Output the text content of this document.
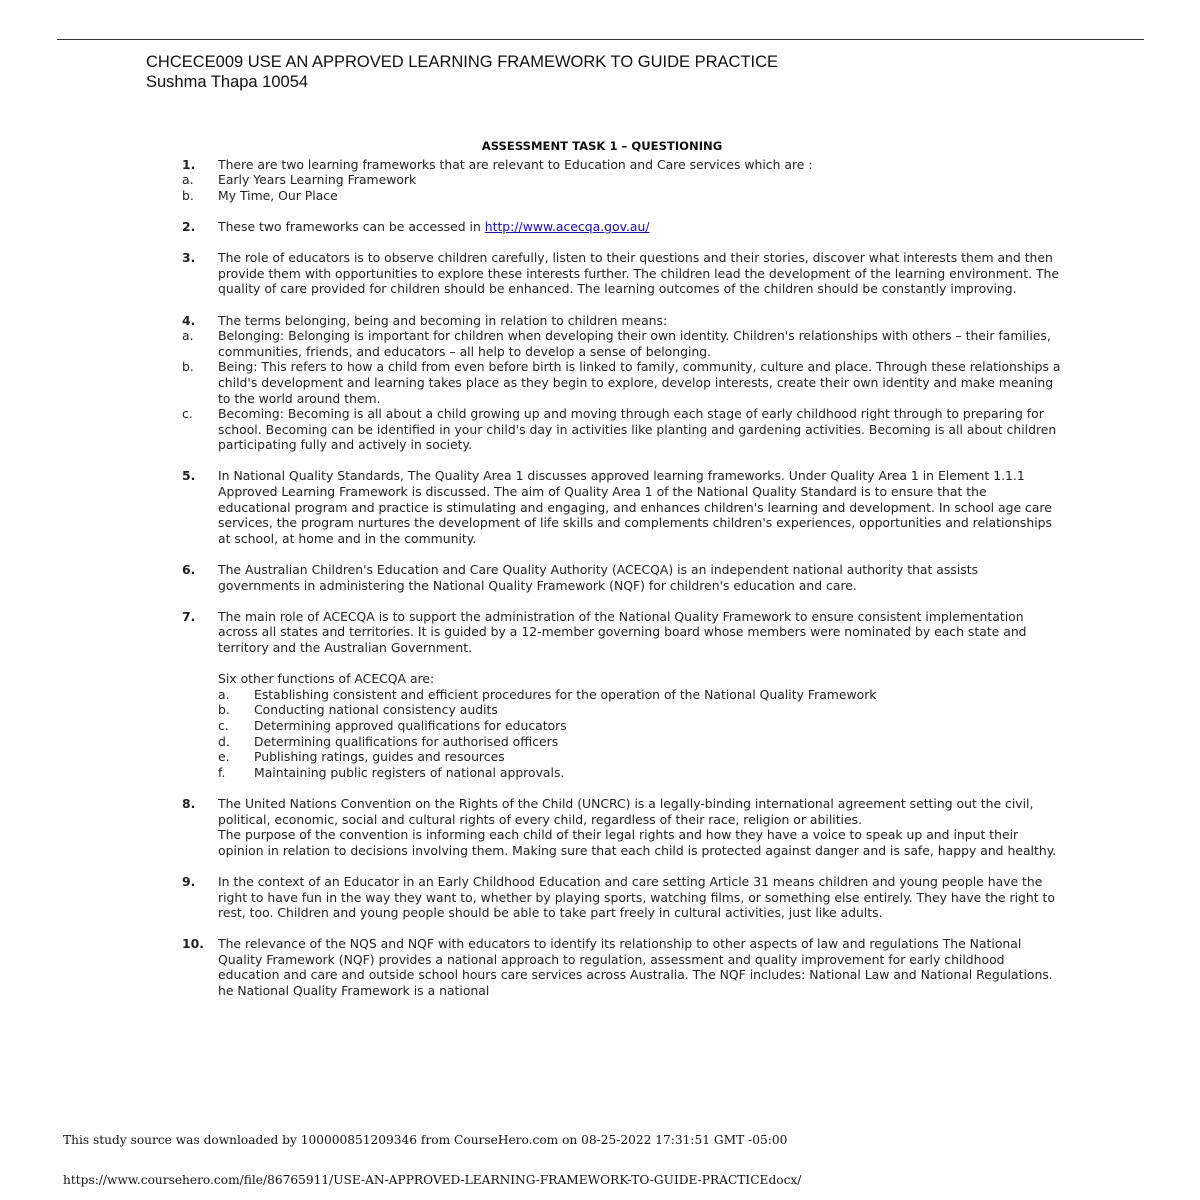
CHCECE009 USE AN APPROVED LEARNING FRAMEWORK TO GUIDE PRACTICE
Sushma Thapa 10054
ASSESSMENT TASK 1 – QUESTIONING
1.	There are two learning frameworks that are relevant to Education and Care services which are :

a. Early Years Learning Framework
b. My Time, Our Place
2.	These two frameworks can be accessed in http://www.acecqa.gov.au/

3.	The role of educators is to observe children carefully, listen to their questions and their stories, discover what interests them and then provide them with opportunities to explore these interests further. The children lead the development of the learning environment. The quality of care provided for children should be enhanced. The learning outcomes of the children should be constantly improving.

4.	The terms belonging, being and becoming in relation to children means:

a. Belonging: Belonging is important for children when developing their own identity. Children's relationships with others – their families, communities, friends, and educators – all help to develop a sense of belonging.
b. Being: This refers to how a child from even before birth is linked to family, community, culture and place. Through these relationships a child's development and learning takes place as they begin to explore, develop interests, create their own identity and make meaning to the world around them.
c. Becoming: Becoming is all about a child growing up and moving through each stage of early childhood right through to preparing for school. Becoming can be identified in your child's day in activities like planting and gardening activities. Becoming is all about children participating fully and actively in society.
5.	In National Quality Standards, The Quality Area 1 discusses approved learning frameworks. Under Quality Area 1 in Element 1.1.1 Approved Learning Framework is discussed. The aim of Quality Area 1 of the National Quality Standard is to ensure that the educational program and practice is stimulating and engaging, and enhances children's learning and development. In school age care services, the program nurtures the development of life skills and complements children's experiences, opportunities and relationships at school, at home and in the community.

6.	The Australian Children's Education and Care Quality Authority (ACECQA) is an independent national authority that assists governments in administering the National Quality Framework (NQF) for children's education and care.

7.	The main role of ACECQA is to support the administration of the National Quality Framework to ensure consistent implementation across all states and territories. It is guided by a 12-member governing board whose members were nominated by each state and territory and the Australian Government.

Six other functions of ACECQA are:

a. Establishing consistent and efficient procedures for the operation of the National Quality Framework
b. Conducting national consistency audits
c. Determining approved qualifications for educators
d. Determining qualifications for authorised officers
e. Publishing ratings, guides and resources
f. Maintaining public registers of national approvals.
8.	The United Nations Convention on the Rights of the Child (UNCRC) is a legally-binding international agreement setting out the civil, political, economic, social and cultural rights of every child, regardless of their race, religion or abilities.

The purpose of the convention is informing each child of their legal rights and how they have a voice to speak up and input their opinion in relation to decisions involving them. Making sure that each child is protected against danger and is safe, happy and healthy.

9.	In the context of an Educator in an Early Childhood Education and care setting Article 31 means children and young people have the right to have fun in the way they want to, whether by playing sports, watching films, or something else entirely. They have the right to rest, too. Children and young people should be able to take part freely in cultural activities, just like adults.

10.	The relevance of the NQS and NQF with educators to identify its relationship to other aspects of law and regulations The National Quality Framework (NQF) provides a national approach to regulation, assessment and quality improvement for early childhood education and care and outside school hours care services across Australia. The NQF includes: National Law and National Regulations. he National Quality Framework is a national

This study source was downloaded by 100000851209346 from CourseHero.com on 08-25-2022 17:31:51 GMT -05:00
https://www.coursehero.com/file/86765911/USE-AN-APPROVED-LEARNING-FRAMEWORK-TO-GUIDE-PRACTICEdocx/
